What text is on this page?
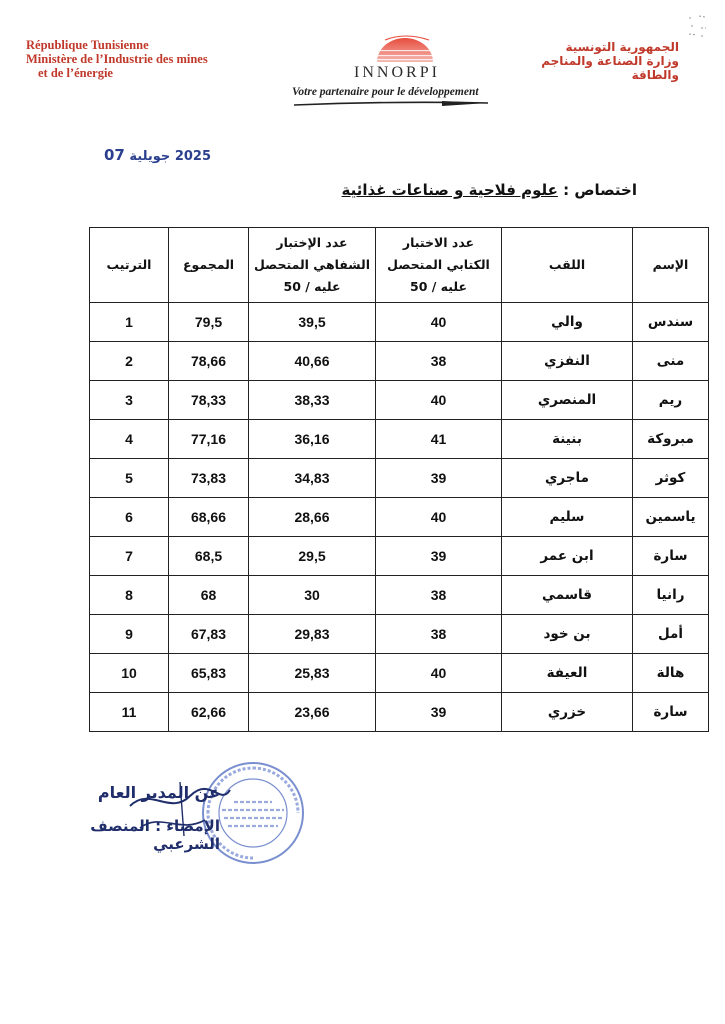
République Tunisienne
Ministère de l’Industrie des mines
et de l’énergie
الجمهورية التونسية
وزارة الصناعة والمناجم
والطاقة
INNORPI
Votre partenaire pour le développement
2025 جويلية 07
اختصاص : علوم فلاحية و صناعات غذائية
الإسم	اللقب	عدد الاختبار الكتابي المتحصل عليه / 50	عدد الإختبار الشفاهي المتحصل عليه / 50	المجموع	الترتيب
سندس	والي	40	39,5	79,5	1
منى	النفزي	38	40,66	78,66	2
ريم	المنصري	40	38,33	78,33	3
مبروكة	بنينة	41	36,16	77,16	4
كوثر	ماجري	39	34,83	73,83	5
ياسمين	سليم	40	28,66	68,66	6
سارة	ابن عمر	39	29,5	68,5	7
رانيا	قاسمي	38	30	68	8
أمل	بن خود	38	29,83	67,83	9
هالة	العيفة	40	25,83	65,83	10
سارة	خزري	39	23,66	62,66	11
عن المدير العام
الإمضاء : المنصف الشرعبي
